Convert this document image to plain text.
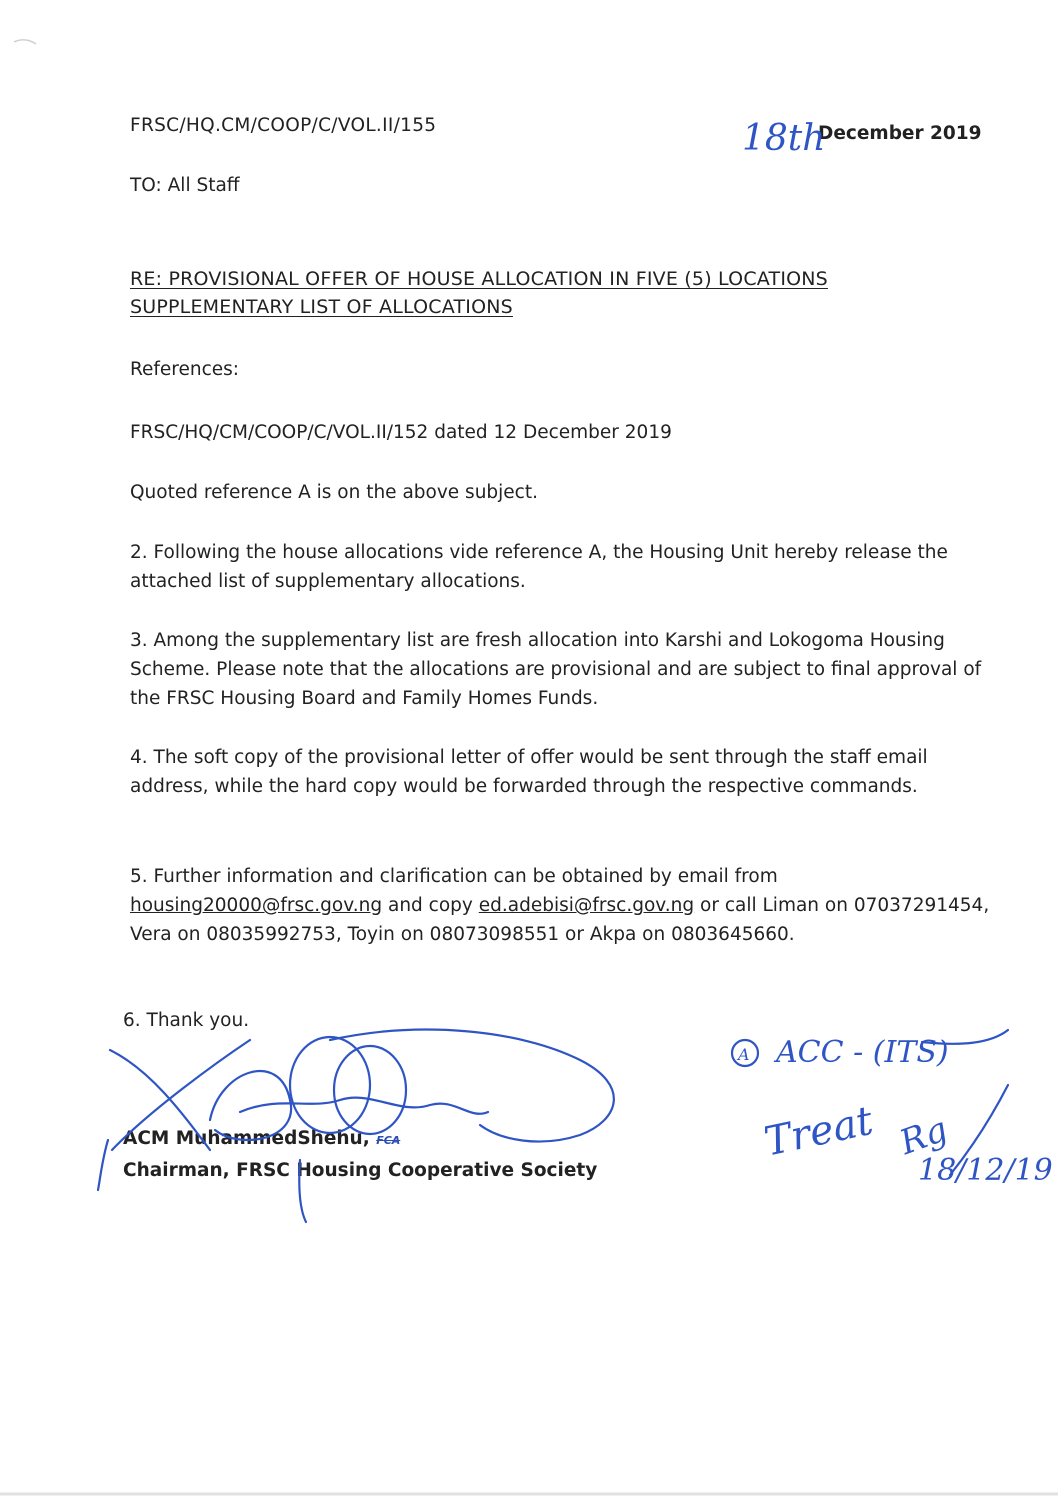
FRSC/HQ.CM/COOP/C/VOL.II/155	December 2019
TO: All Staff
RE: PROVISIONAL OFFER OF HOUSE ALLOCATION IN FIVE (5) LOCATIONS
SUPPLEMENTARY LIST OF ALLOCATIONS
References:
FRSC/HQ/CM/COOP/C/VOL.II/152 dated 12 December 2019
Quoted reference A is on the above subject.
2. Following the house allocations vide reference A, the Housing Unit hereby release the attached list of supplementary allocations.
3. Among the supplementary list are fresh allocation into Karshi and Lokogoma Housing Scheme. Please note that the allocations are provisional and are subject to final approval of the FRSC Housing Board and Family Homes Funds.
4. The soft copy of the provisional letter of offer would be sent through the staff email address, while the hard copy would be forwarded through the respective commands.
5. Further information and clarification can be obtained by email from housing20000@frsc.gov.ng and copy ed.adebisi@frsc.gov.ng or call Liman on 07037291454, Vera on 08035992753, Toyin on 08073098551 or Akpa on 0803645660.
6. Thank you.
ACM MuhammedShehu, FCA
Chairman, FRSC Housing Cooperative Society
18th
A ACC - (ITS)
Treat Rg
18/12/19
